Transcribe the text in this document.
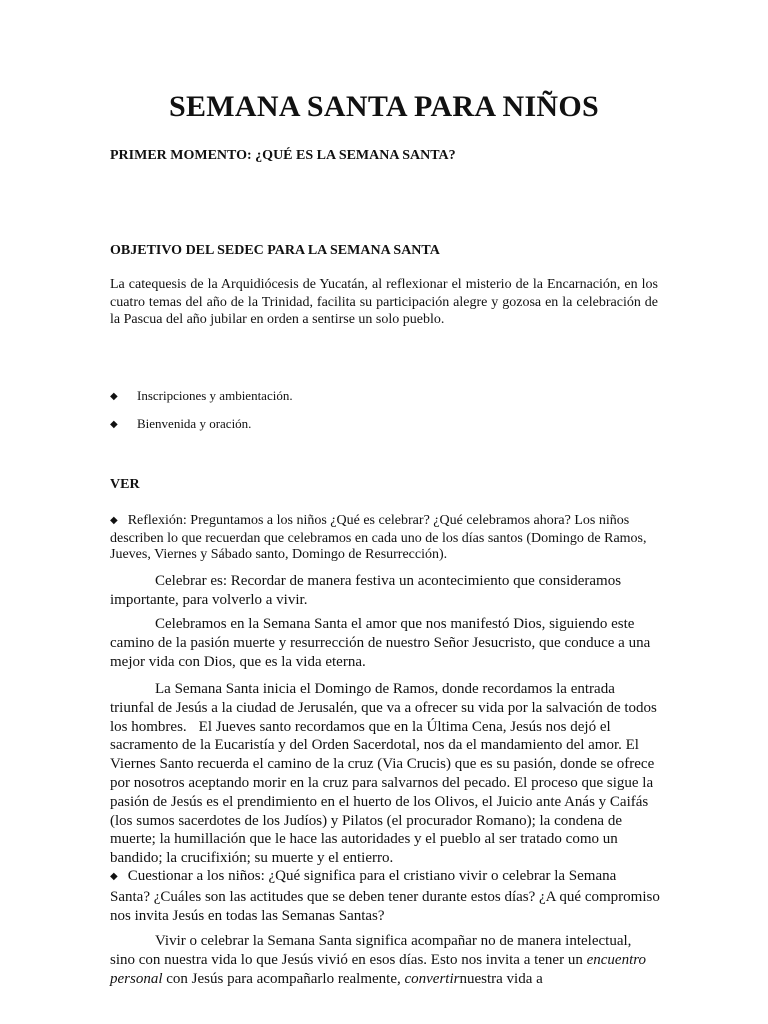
SEMANA SANTA PARA NIÑOS
PRIMER MOMENTO: ¿QUÉ ES LA SEMANA SANTA?
OBJETIVO DEL SEDEC PARA LA SEMANA SANTA

La catequesis de la Arquidiócesis de Yucatán, al reflexionar el misterio de la Encarnación, en los cuatro temas del año de la Trinidad, facilita su participación alegre y gozosa en la celebración de la Pascua del año jubilar en orden a sentirse un solo pueblo.

◆	Inscripciones y ambientación.
◆	Bienvenida y oración.
VER

◆ Reflexión: Preguntamos a los niños ¿Qué es celebrar? ¿Qué celebramos ahora? Los niños describen lo que recuerdan que celebramos en cada uno de los días santos (Domingo de Ramos, Jueves, Viernes y Sábado santo, Domingo de Resurrección).

Celebrar es: Recordar de manera festiva un acontecimiento que consideramos importante, para volverlo a vivir.

Celebramos en la Semana Santa el amor que nos manifestó Dios, siguiendo este camino de la pasión muerte y resurrección de nuestro Señor Jesucristo, que conduce a una mejor vida con Dios, que es la vida eterna.

La Semana Santa inicia el Domingo de Ramos, donde recordamos la entrada triunfal de Jesús a la ciudad de Jerusalén, que va a ofrecer su vida por la salvación de todos los hombres. El Jueves santo recordamos que en la Última Cena, Jesús nos dejó el sacramento de la Eucaristía y del Orden Sacerdotal, nos da el mandamiento del amor. El Viernes Santo recuerda el camino de la cruz (Via Crucis) que es su pasión, donde se ofrece por nosotros aceptando morir en la cruz para salvarnos del pecado. El proceso que sigue la pasión de Jesús es el prendimiento en el huerto de los Olivos, el Juicio ante Anás y Caifás (los sumos sacerdotes de los Judíos) y Pilatos (el procurador Romano); la condena de muerte; la humillación que le hace las autoridades y el pueblo al ser tratado como un bandido; la crucifixión; su muerte y el entierro.

◆ Cuestionar a los niños: ¿Qué significa para el cristiano vivir o celebrar la Semana Santa? ¿Cuáles son las actitudes que se deben tener durante estos días? ¿A qué compromiso nos invita Jesús en todas las Semanas Santas?

Vivir o celebrar la Semana Santa significa acompañar no de manera intelectual, sino con nuestra vida lo que Jesús vivió en esos días. Esto nos invita a tener un encuentro personal con Jesús para acompañarlo realmente, convertirnuestra vida a
